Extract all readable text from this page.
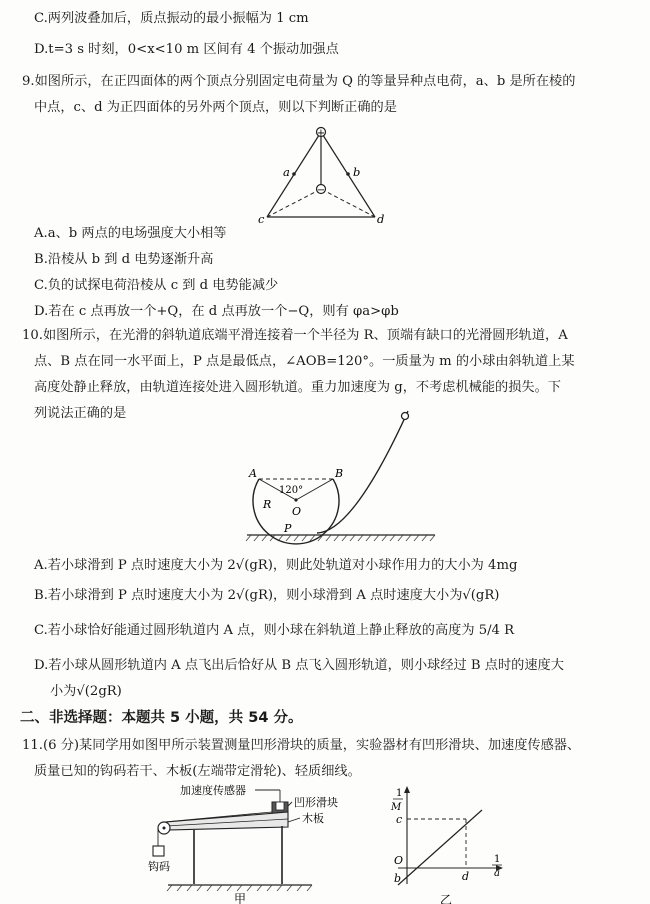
C.两列波叠加后，质点振动的最小振幅为 1 cm
D.t=3 s 时刻，0<x<10 m 区间有 4 个振动加强点
9.如图所示，在正四面体的两个顶点分别固定电荷量为 Q 的等量异种点电荷，a、b 是所在棱的
中点，c、d 为正四面体的另外两个顶点，则以下判断正确的是
+
−
a	b
c	d
A.a、b 两点的电场强度大小相等
B.沿棱从 b 到 d 电势逐渐升高
C.负的试探电荷沿棱从 c 到 d 电势能减少
D.若在 c 点再放一个+Q，在 d 点再放一个−Q，则有 φa>φb
10.如图所示，在光滑的斜轨道底端平滑连接着一个半径为 R、顶端有缺口的光滑圆形轨道，A
点、B 点在同一水平面上，P 点是最低点，∠AOB=120°。一质量为 m 的小球由斜轨道上某
高度处静止释放，由轨道连接处进入圆形轨道。重力加速度为 g，不考虑机械能的损失。下
列说法正确的是
A	B
120°
R
O
P
A.若小球滑到 P 点时速度大小为 2√(gR)，则此处轨道对小球作用力的大小为 4mg
B.若小球滑到 P 点时速度大小为 2√(gR)，则小球滑到 A 点时速度大小为√(gR)
C.若小球恰好能通过圆形轨道内 A 点，则小球在斜轨道上静止释放的高度为 5/4 R
D.若小球从圆形轨道内 A 点飞出后恰好从 B 点飞入圆形轨道，则小球经过 B 点时的速度大
小为√(2gR)
二、非选择题：本题共 5 小题，共 54 分。
11.(6 分)某同学用如图甲所示装置测量凹形滑块的质量，实验器材有凹形滑块、加速度传感器、
质量已知的钩码若干、木板(左端带定滑轮)、轻质细线。
加速度传感器
凹形滑块
木板
钩码
甲
1
M
c
O
b	d
1
a
乙
